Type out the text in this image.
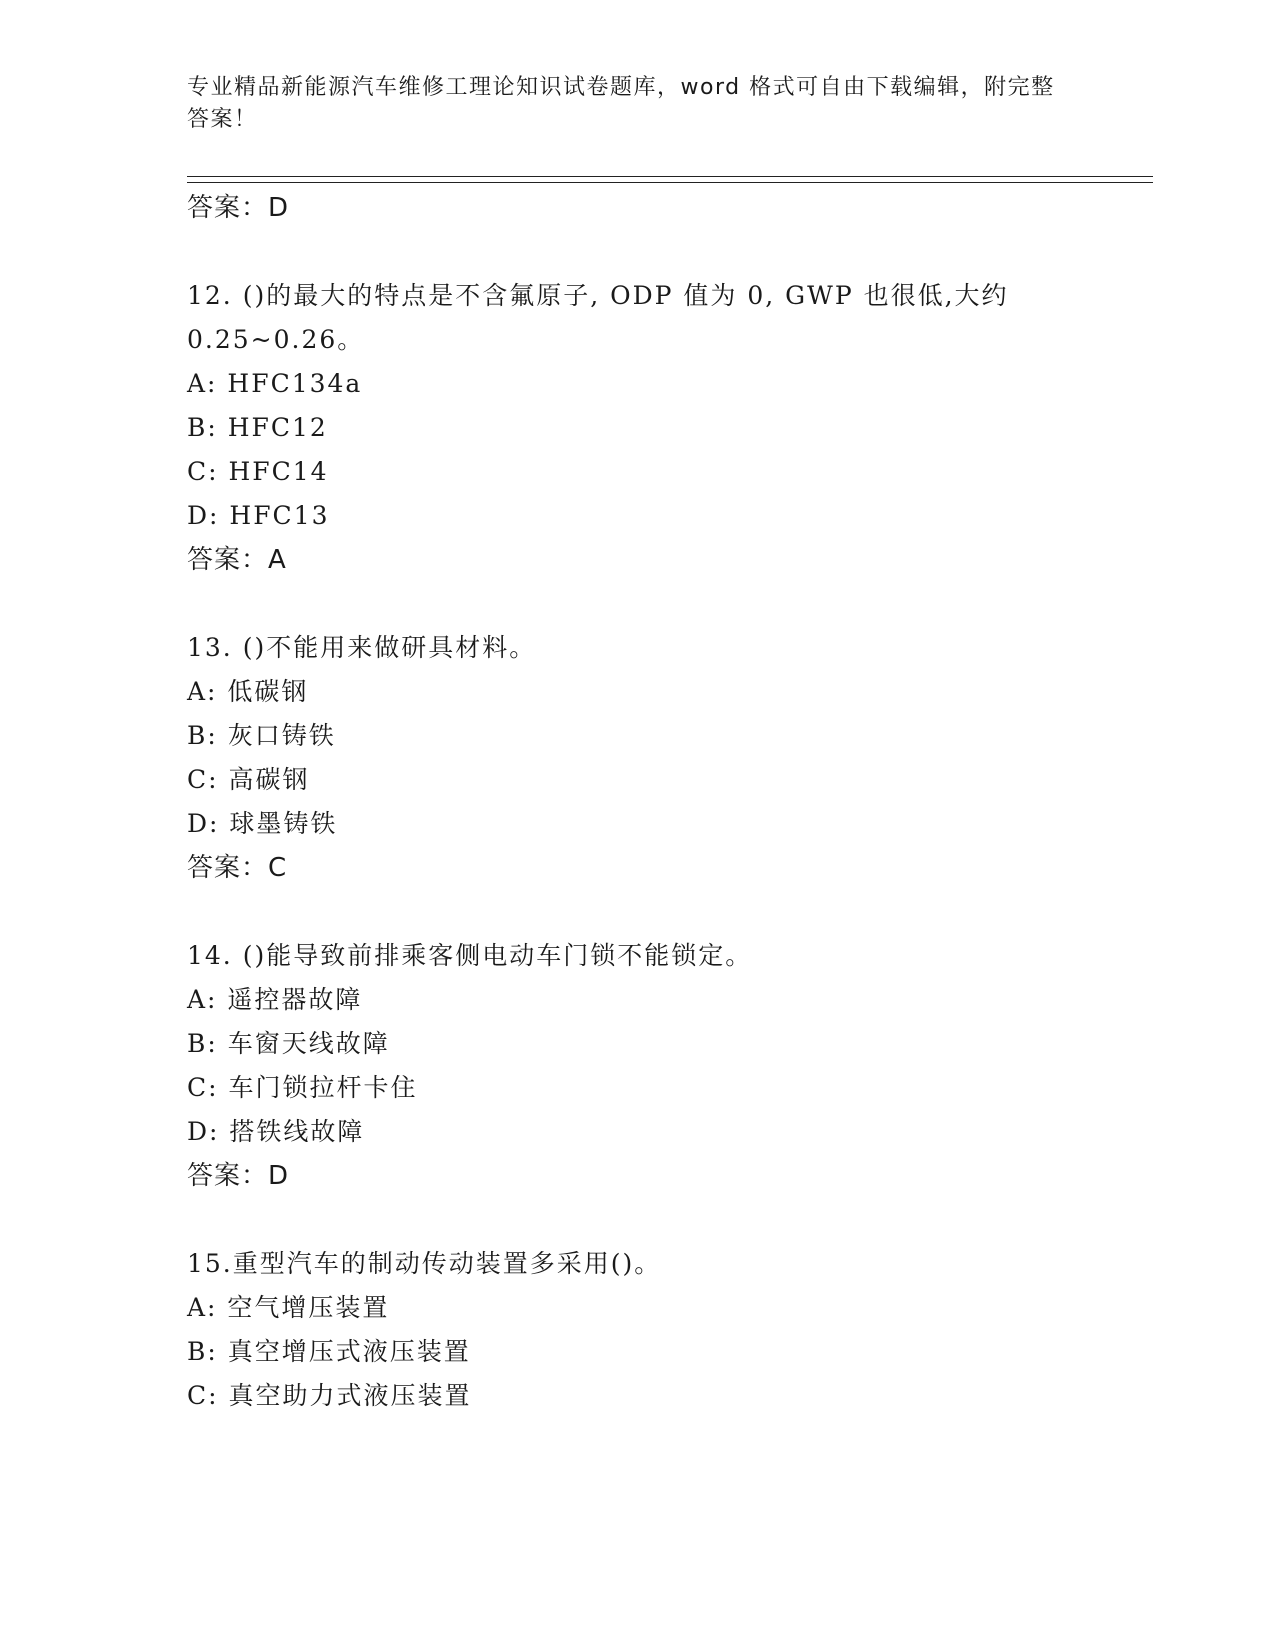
专业精品新能源汽车维修工理论知识试卷题库，word 格式可自由下载编辑，附完整答案！
答案：D
12. ()的最大的特点是不含氟原子, ODP 值为 0, GWP 也很低,大约
0.25~0.26。
A: HFC134a
B: HFC12
C: HFC14
D: HFC13
答案：A
13. ()不能用来做研具材料。
A: 低碳钢
B: 灰口铸铁
C: 高碳钢
D: 球墨铸铁
答案：C
14. ()能导致前排乘客侧电动车门锁不能锁定。
A: 遥控器故障
B: 车窗天线故障
C: 车门锁拉杆卡住
D: 搭铁线故障
答案：D
15.重型汽车的制动传动装置多采用()。
A: 空气增压装置
B: 真空增压式液压装置
C: 真空助力式液压装置
